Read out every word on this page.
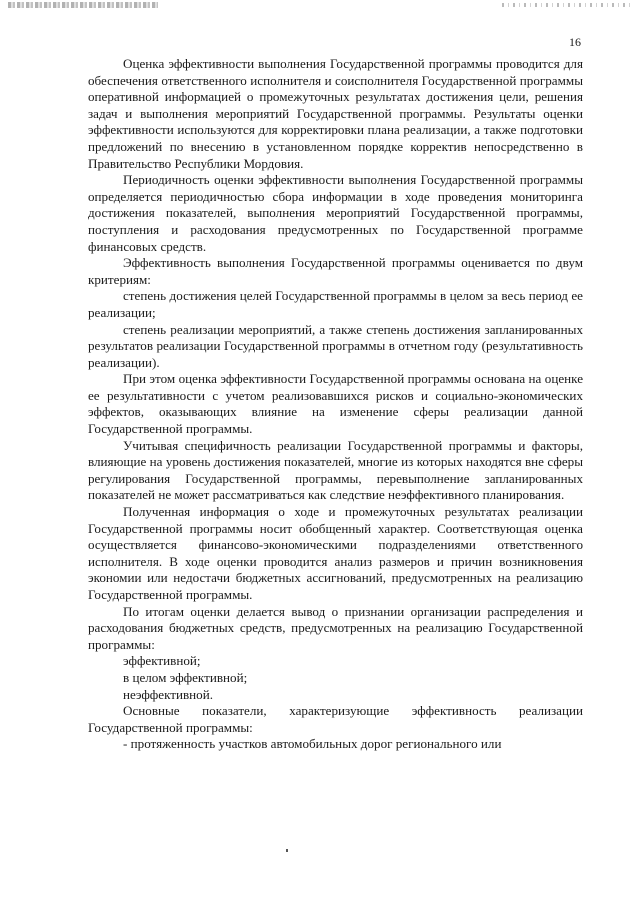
16

Оценка эффективности выполнения Государственной программы проводится для обеспечения ответственного исполнителя и соисполнителя Государственной программы оперативной информацией о промежуточных результатах достижения цели, решения задач и выполнения мероприятий Государственной программы. Результаты оценки эффективности используются для корректировки плана реализации, а также подготовки предложений по внесению в установленном порядке корректив непосредственно в Правительство Республики Мордовия.

Периодичность оценки эффективности выполнения Государственной программы определяется периодичностью сбора информации в ходе проведения мониторинга достижения показателей, выполнения мероприятий Государственной программы, поступления и расходования предусмотренных по Государственной программе финансовых средств.

Эффективность выполнения Государственной программы оценивается по двум критериям:

степень достижения целей Государственной программы в целом за весь период ее реализации;

степень реализации мероприятий, а также степень достижения запланированных результатов реализации Государственной программы в отчетном году (результативность реализации).

При этом оценка эффективности Государственной программы основана на оценке ее результативности с учетом реализовавшихся рисков и социально-экономических эффектов, оказывающих влияние на изменение сферы реализации данной Государственной программы.

Учитывая специфичность реализации Государственной программы и факторы, влияющие на уровень достижения показателей, многие из которых находятся вне сферы регулирования Государственной программы, перевыполнение запланированных показателей не может рассматриваться как следствие неэффективного планирования.

Полученная информация о ходе и промежуточных результатах реализации Государственной программы носит обобщенный характер. Соответствующая оценка осуществляется финансово-экономическими подразделениями ответственного исполнителя. В ходе оценки проводится анализ размеров и причин возникновения экономии или недостачи бюджетных ассигнований, предусмотренных на реализацию Государственной программы.

По итогам оценки делается вывод о признании организации распределения и расходования бюджетных средств, предусмотренных на реализацию Государственной программы:

эффективной;

в целом эффективной;

неэффективной.

Основные показатели, характеризующие эффективность реализации Государственной программы:

- протяженность участков автомобильных дорог регионального или
